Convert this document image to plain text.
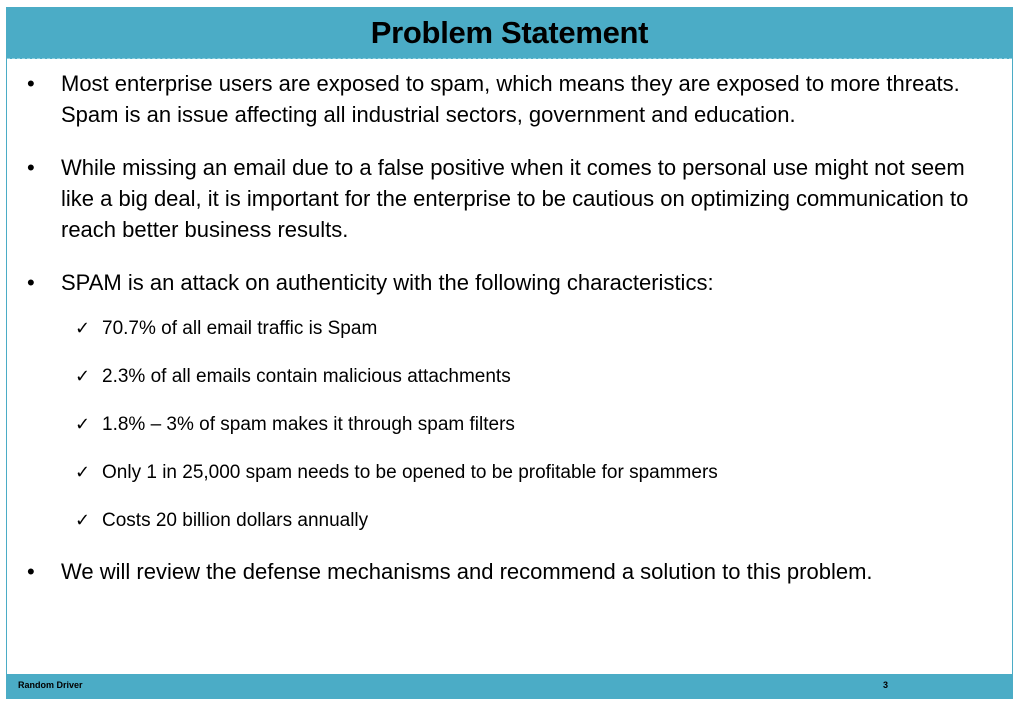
Problem Statement
• Most enterprise users are exposed to spam, which means they are exposed to more threats. Spam is an issue affecting all industrial sectors, government and education.
• While missing an email due to a false positive when it comes to personal use might not seem like a big deal, it is important for the enterprise to be cautious on optimizing communication to reach better business results.
• SPAM is an attack on authenticity with the following characteristics:
✓ 70.7% of all email traffic is Spam
✓ 2.3% of all emails contain malicious attachments
✓ 1.8% – 3% of spam makes it through spam filters
✓ Only 1 in 25,000 spam needs to be opened to be profitable for spammers
✓ Costs 20 billion dollars annually
• We will review the defense mechanisms and recommend a solution to this problem.
Random Driver	3
